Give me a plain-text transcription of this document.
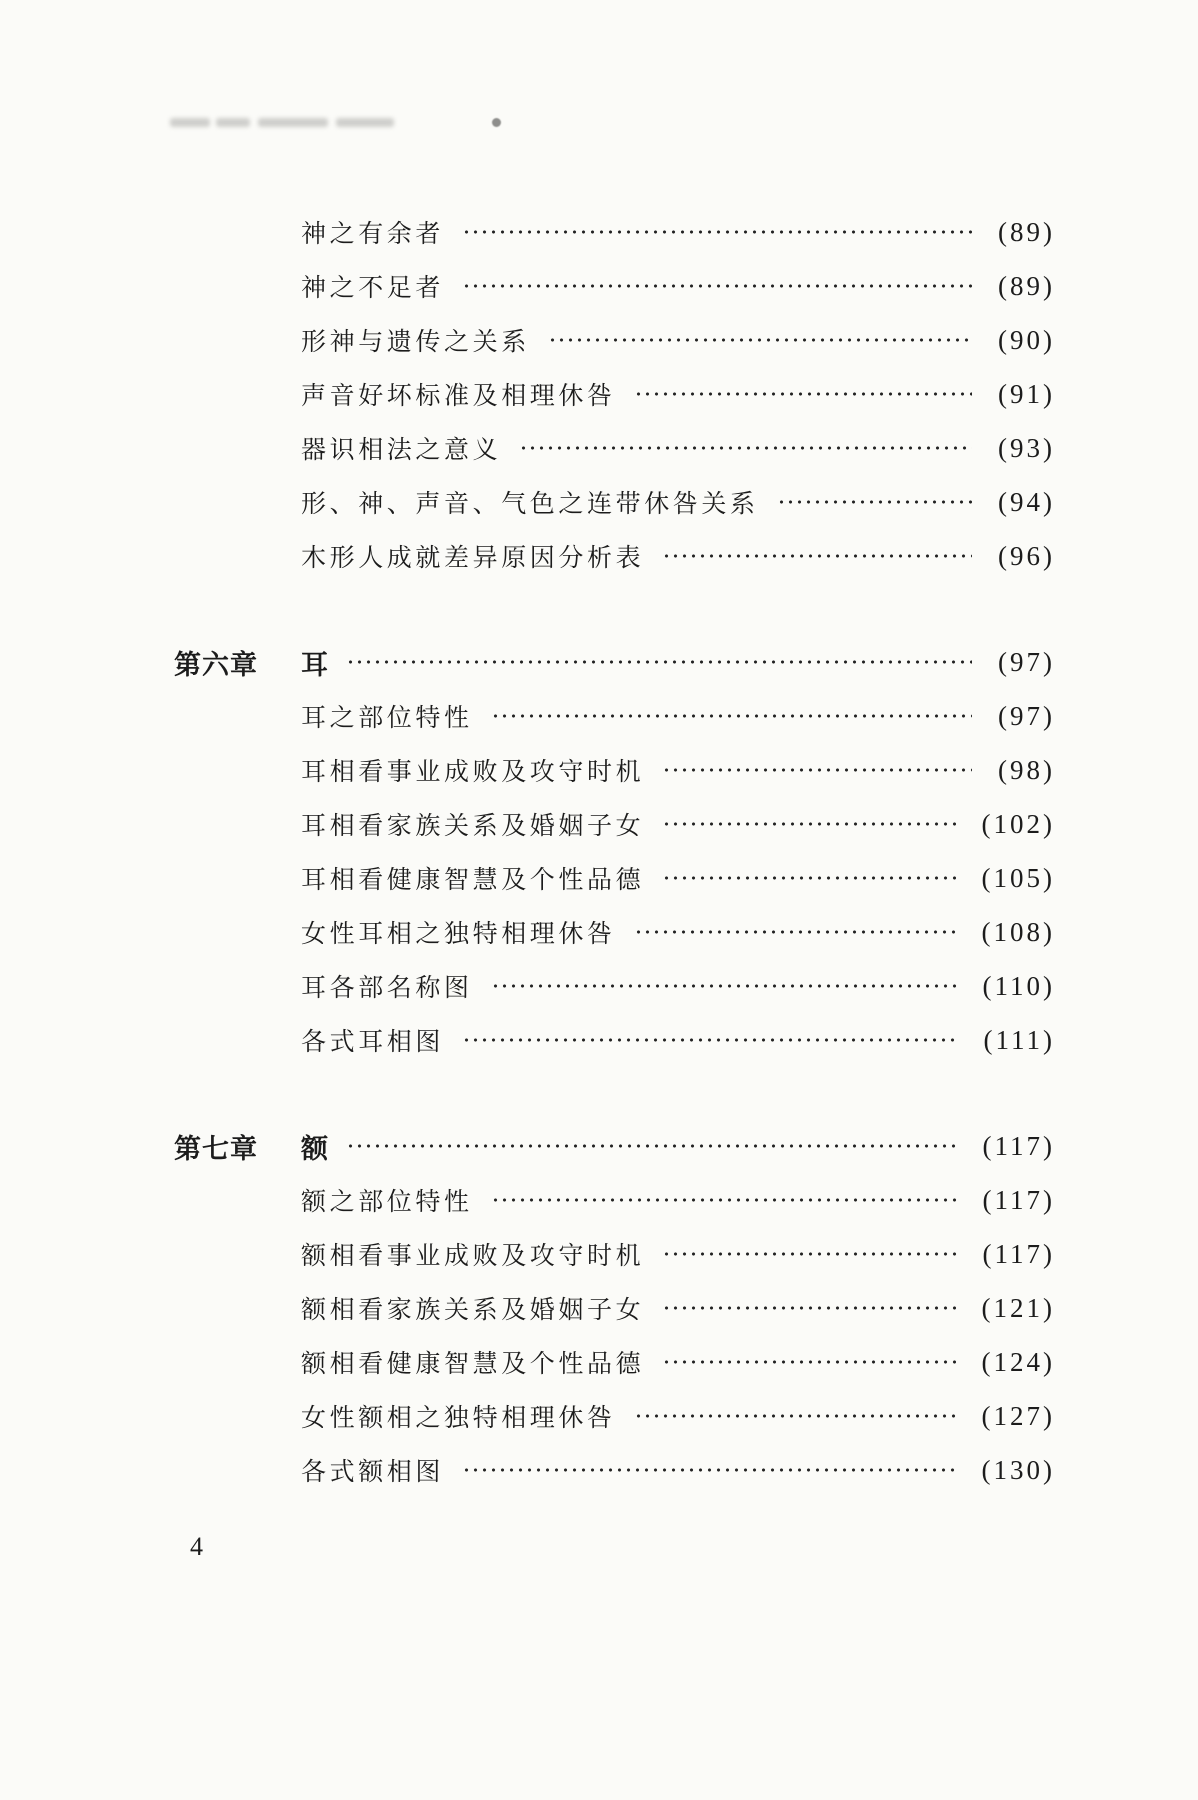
神之有余者	(89)
神之不足者	(89)
形神与遗传之关系	(90)
声音好坏标准及相理休咎	(91)
器识相法之意义	(93)
形、神、声音、气色之连带休咎关系	(94)
木形人成就差异原因分析表	(96)
第六章	耳	(97)
耳之部位特性	(97)
耳相看事业成败及攻守时机	(98)
耳相看家族关系及婚姻子女	(102)
耳相看健康智慧及个性品德	(105)
女性耳相之独特相理休咎	(108)
耳各部名称图	(110)
各式耳相图	(111)
第七章	额	(117)
额之部位特性	(117)
额相看事业成败及攻守时机	(117)
额相看家族关系及婚姻子女	(121)
额相看健康智慧及个性品德	(124)
女性额相之独特相理休咎	(127)
各式额相图	(130)
4
